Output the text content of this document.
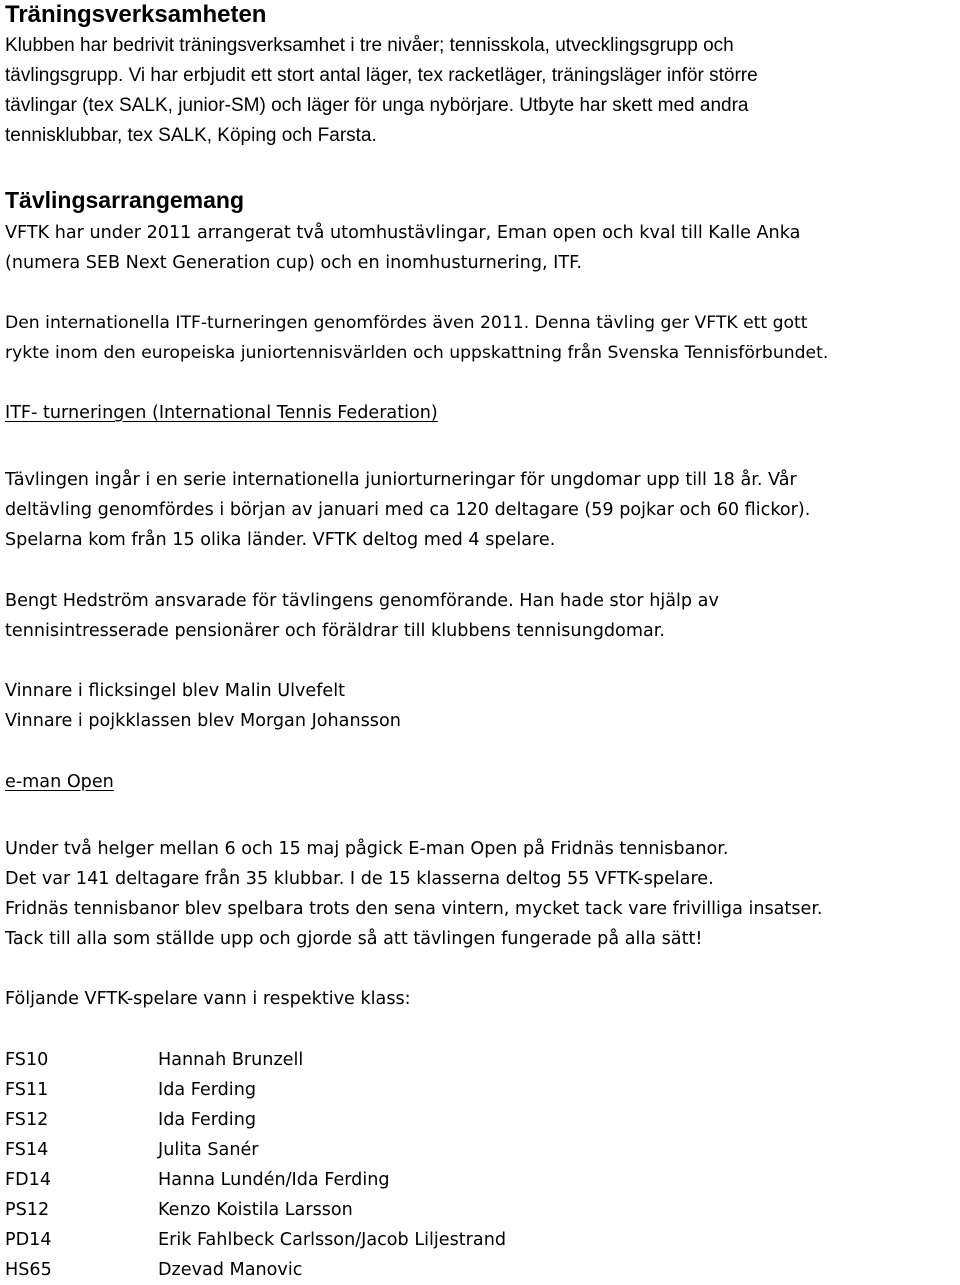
Träningsverksamheten
Klubben har bedrivit träningsverksamhet i tre nivåer; tennisskola, utvecklingsgrupp och
tävlingsgrupp. Vi har erbjudit ett stort antal läger, tex racketläger, träningsläger inför större
tävlingar (tex SALK, junior-SM) och läger för unga nybörjare. Utbyte har skett med andra
tennisklubbar, tex SALK, Köping och Farsta.
Tävlingsarrangemang
VFTK har under 2011 arrangerat två utomhustävlingar, Eman open och kval till Kalle Anka
(numera SEB Next Generation cup) och en inomhusturnering, ITF.
Den internationella ITF-turneringen genomfördes även 2011. Denna tävling ger VFTK ett gott
rykte inom den europeiska juniortennisvärlden och uppskattning från Svenska Tennisförbundet.
ITF- turneringen (International Tennis Federation)
Tävlingen ingår i en serie internationella juniorturneringar för ungdomar upp till 18 år. Vår
deltävling genomfördes i början av januari med ca 120 deltagare (59 pojkar och 60 flickor).
Spelarna kom från 15 olika länder. VFTK deltog med 4 spelare.
Bengt Hedström ansvarade för tävlingens genomförande. Han hade stor hjälp av
tennisintresserade pensionärer och föräldrar till klubbens tennisungdomar.
Vinnare i flicksingel blev Malin Ulvefelt
Vinnare i pojkklassen blev Morgan Johansson
e-man Open
Under två helger mellan 6 och 15 maj pågick E-man Open på Fridnäs tennisbanor.
Det var 141 deltagare från 35 klubbar. I de 15 klasserna deltog 55 VFTK-spelare.
Fridnäs tennisbanor blev spelbara trots den sena vintern, mycket tack vare frivilliga insatser.
Tack till alla som ställde upp och gjorde så att tävlingen fungerade på alla sätt!
Följande VFTK-spelare vann i respektive klass:
FS10	Hannah Brunzell
FS11	Ida Ferding
FS12	Ida Ferding
FS14	Julita Sanér
FD14	Hanna Lundén/Ida Ferding
PS12	Kenzo Koistila Larsson
PD14	Erik Fahlbeck Carlsson/Jacob Liljestrand
HS65	Dzevad Manovic
